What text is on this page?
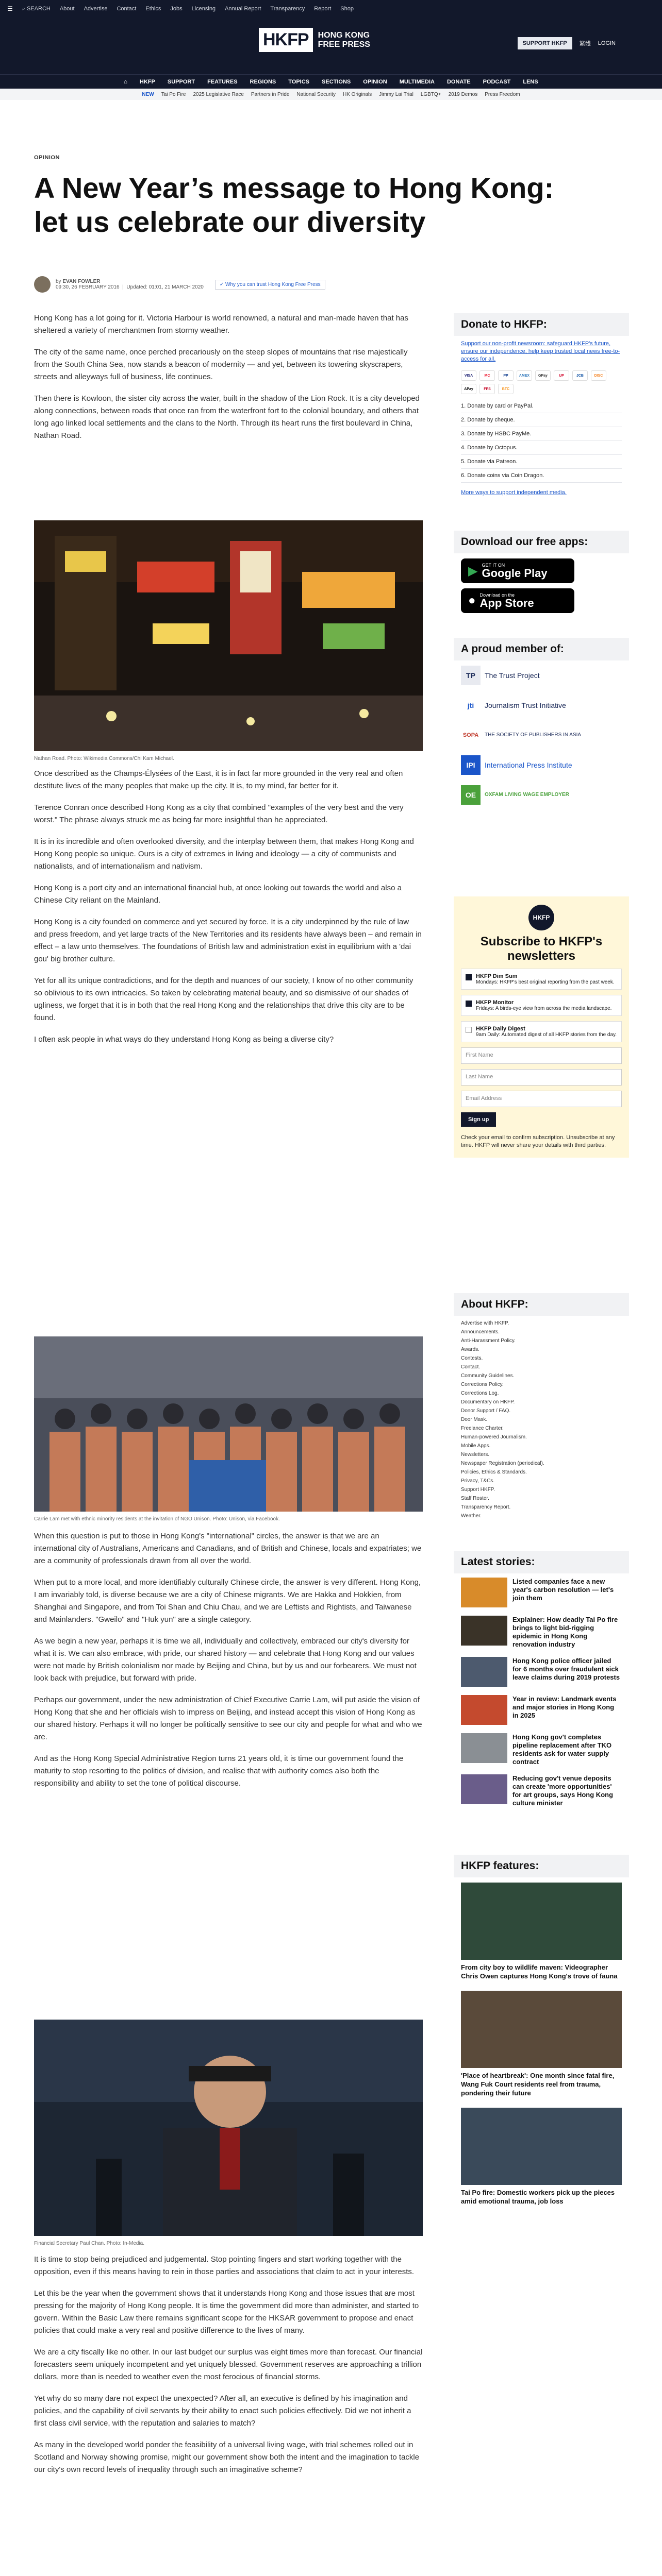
☰ ⌕ SEARCH About Advertise Contact Ethics Jobs Licensing Annual Report Transparency Report Shop
HKFP	HONG KONG
FREE PRESS	SUPPORT HKFP	繁體 LOGIN
⌂ HKFP SUPPORT FEATURES REGIONS TOPICS SECTIONS OPINION MULTIMEDIA DONATE PODCAST LENS
NEW Tai Po Fire 2025 Legislative Race Partners in Pride National Security HK Originals Jimmy Lai Trial LGBTQ+ 2019 Demos Press Freedom
OPINION
A New Year’s message to Hong Kong: let us celebrate our diversity
by EVAN FOWLER
09:30, 26 FEBRUARY 2016  |  Updated: 01:01, 21 MARCH 2020	✓ Why you can trust Hong Kong Free Press

Hong Kong has a lot going for it. Victoria Harbour is world renowned, a natural and man-made haven that has sheltered a variety of merchantmen from stormy weather.

The city of the same name, once perched precariously on the steep slopes of mountains that rise majestically from the South China Sea, now stands a beacon of modernity — and yet, between its towering skyscrapers, streets and alleyways full of business, life continues.

Then there is Kowloon, the sister city across the water, built in the shadow of the Lion Rock. It is a city developed along connections, between roads that once ran from the waterfront fort to the colonial boundary, and others that long ago linked local settlements and the clans to the North. Through its heart runs the first boulevard in China, Nathan Road.

Nathan Road. Photo: Wikimedia Commons/Chi Kam Michael.

Once described as the Champs-Élysées of the East, it is in fact far more grounded in the very real and often destitute lives of the many peoples that make up the city. It is, to my mind, far better for it.

Terence Conran once described Hong Kong as a city that combined "examples of the very best and the very worst." The phrase always struck me as being far more insightful than he appreciated.

It is in its incredible and often overlooked diversity, and the interplay between them, that makes Hong Kong and Hong Kong people so unique. Ours is a city of extremes in living and ideology — a city of communists and nationalists, and of internationalism and nativism.

Hong Kong is a port city and an international financial hub, at once looking out towards the world and also a Chinese City reliant on the Mainland.

Hong Kong is a city founded on commerce and yet secured by force. It is a city underpinned by the rule of law and press freedom, and yet large tracts of the New Territories and its residents have always been – and remain in effect – a law unto themselves. The foundations of British law and administration exist in equilibrium with a 'dai gou' big brother culture.

Yet for all its unique contradictions, and for the depth and nuances of our society, I know of no other community so oblivious to its own intricacies. So taken by celebrating material beauty, and so dismissive of our shades of ugliness, we forget that it is in both that the real Hong Kong and the relationships that drive this city are to be found.

I often ask people in what ways do they understand Hong Kong as being a diverse city?

Carrie Lam met with ethnic minority residents at the invitation of NGO Unison. Photo: Unison, via Facebook.

When this question is put to those in Hong Kong's "international" circles, the answer is that we are an international city of Australians, Americans and Canadians, and of British and Chinese, locals and expatriates; we are a community of professionals drawn from all over the world.

When put to a more local, and more identifiably culturally Chinese circle, the answer is very different. Hong Kong, I am invariably told, is diverse because we are a city of Chinese migrants. We are Hakka and Hokkien, from Shanghai and Singapore, and from Toi Shan and Chiu Chau, and we are Leftists and Rightists, and Taiwanese and Mainlanders. "Gweilo" and "Huk yun" are a single category.

As we begin a new year, perhaps it is time we all, individually and collectively, embraced our city's diversity for what it is. We can also embrace, with pride, our shared history — and celebrate that Hong Kong and our values were not made by British colonialism nor made by Beijing and China, but by us and our forbearers. We must not look back with prejudice, but forward with pride.

Perhaps our government, under the new administration of Chief Executive Carrie Lam, will put aside the vision of Hong Kong that she and her officials wish to impress on Beijing, and instead accept this vision of Hong Kong as our shared history. Perhaps it will no longer be politically sensitive to see our city and people for what and who we are.

And as the Hong Kong Special Administrative Region turns 21 years old, it is time our government found the maturity to stop resorting to the politics of division, and realise that with authority comes also both the responsibility and ability to set the tone of political discourse.

Financial Secretary Paul Chan. Photo: In-Media.

It is time to stop being prejudiced and judgemental. Stop pointing fingers and start working together with the opposition, even if this means having to rein in those parties and associations that claim to act in your interests.

Let this be the year when the government shows that it understands Hong Kong and those issues that are most pressing for the majority of Hong Kong people. It is time the government did more than administer, and started to govern. Within the Basic Law there remains significant scope for the HKSAR government to propose and enact policies that could make a very real and positive difference to the lives of many.

We are a city fiscally like no other. In our last budget our surplus was eight times more than forecast. Our financial forecasters seem uniquely incompetent and yet uniquely blessed. Government reserves are approaching a trillion dollars, more than is needed to weather even the most ferocious of financial storms.

Yet why do so many dare not expect the unexpected? After all, an executive is defined by his imagination and policies, and the capability of civil servants by their ability to enact such policies effectively. Did we not inherit a first class civil service, with the reputation and salaries to match?

As many in the developed world ponder the feasibility of a universal living wage, with trial schemes rolled out in Scotland and Norway showing promise, might our government show both the intent and the imagination to tackle our city's own record levels of inequality through such an imaginative scheme?

Donate to HKFP:
Support our non-profit newsroom: safeguard HKFP's future, ensure our independence, help keep trusted local news free-to-access for all.
VISA	MC	PP	AMEX	GPay	UP	JCB	DISC
APay	FPS	BTC
1. Donate by card or PayPal.
2. Donate by cheque.
3. Donate by HSBC PayMe.
4. Donate by Octopus.
5. Donate via Patreon.
6. Donate coins via Coin Dragon.
More ways to support independent media.
Download our free apps:
▶ GET IT ON
Google Play
● Download on the
App Store
A proud member of:
TP	The Trust Project
jti	Journalism Trust Initiative
SOPA	THE SOCIETY OF PUBLISHERS IN ASIA
IPI	International Press Institute
OE	OXFAM LIVING WAGE EMPLOYER
HKFP
Subscribe to HKFP's newsletters
HKFP Dim Sum
Mondays: HKFP's best original reporting from the past week.
HKFP Monitor
Fridays: A birds-eye view from across the media landscape.
HKFP Daily Digest
9am Daily: Automated digest of all HKFP stories from the day.
First Name
Last Name
Email Address
Sign up
Check your email to confirm subscription. Unsubscribe at any time. HKFP will never share your details with third parties.
About HKFP:
Advertise with HKFP.
Announcements.
Anti-Harassment Policy.
Awards.
Contests.
Contact.
Community Guidelines.
Corrections Policy.
Corrections Log.
Documentary on HKFP.
Donor Support / FAQ.
Door Mask.
Freelance Charter.
Human-powered Journalism.
Mobile Apps.
Newsletters.
Newspaper Registration (periodical).
Policies, Ethics & Standards.
Privacy, T&Cs.
Support HKFP.
Staff Roster.
Transparency Report.
Weather.
Latest stories:
Listed companies face a new year's carbon resolution — let's join them
Explainer: How deadly Tai Po fire brings to light bid-rigging epidemic in Hong Kong renovation industry
Hong Kong police officer jailed for 6 months over fraudulent sick leave claims during 2019 protests
Year in review: Landmark events and major stories in Hong Kong in 2025
Hong Kong gov't completes pipeline replacement after TKO residents ask for water supply contract
Reducing gov't venue deposits can create 'more opportunities' for art groups, says Hong Kong culture minister
HKFP features:
From city boy to wildlife maven: Videographer Chris Owen captures Hong Kong's trove of fauna
'Place of heartbreak': One month since fatal fire, Wang Fuk Court residents reel from trauma, pondering their future
Tai Po fire: Domestic workers pick up the pieces amid emotional trauma, job loss
